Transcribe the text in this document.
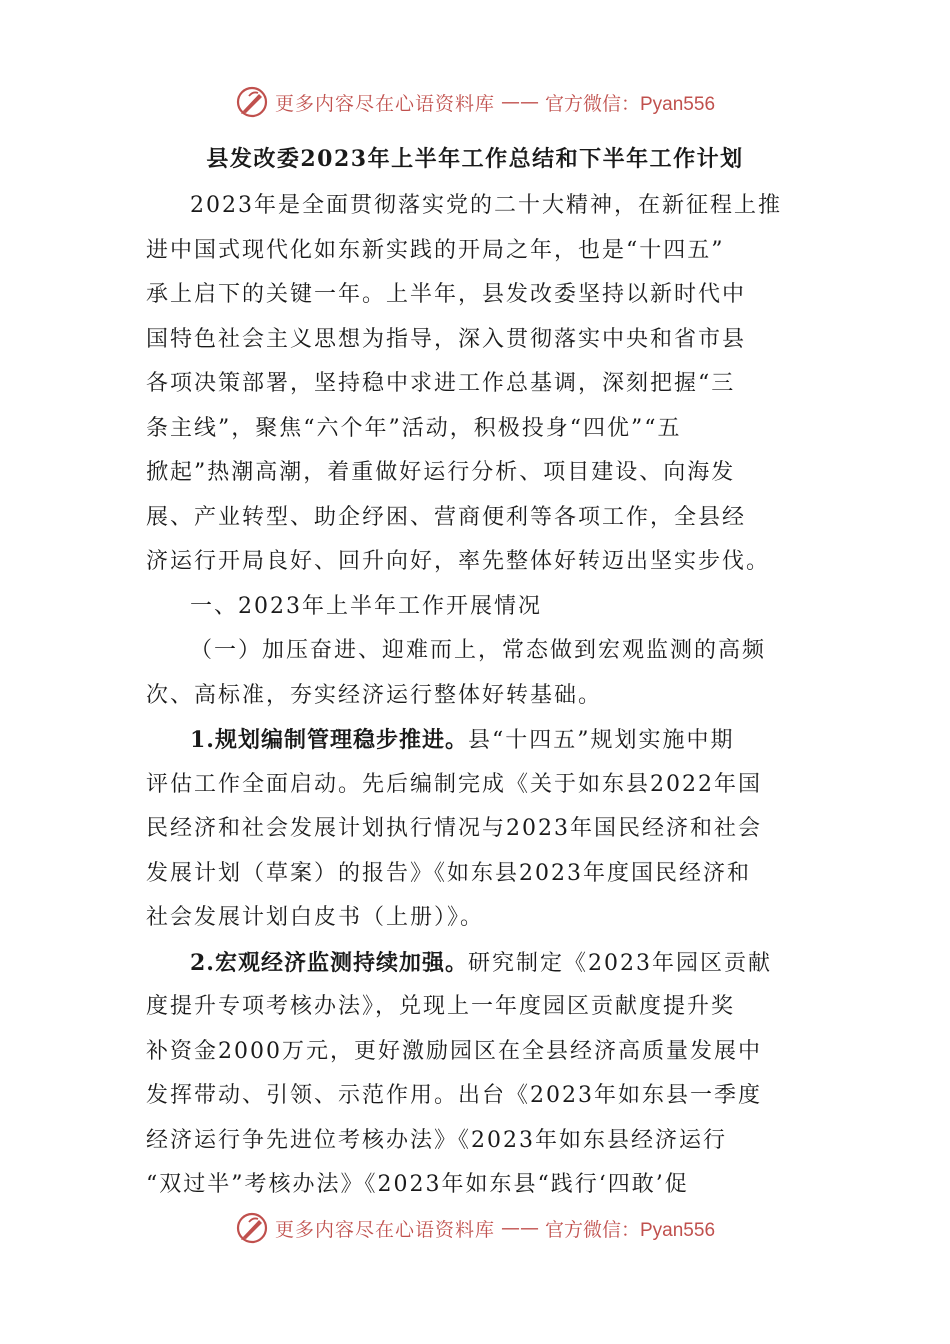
更多内容尽在心语资料库 —— 官方微信：Pyan556
县发改委2023年上半年工作总结和下半年工作计划
2023年是全面贯彻落实党的二十大精神，在新征程上推
进中国式现代化如东新实践的开局之年，也是“十四五”
承上启下的关键一年。上半年，县发改委坚持以新时代中
国特色社会主义思想为指导，深入贯彻落实中央和省市县
各项决策部署，坚持稳中求进工作总基调，深刻把握“三
条主线”，聚焦“六个年”活动，积极投身“四优”“五
掀起”热潮高潮，着重做好运行分析、项目建设、向海发
展、产业转型、助企纾困、营商便利等各项工作，全县经
济运行开局良好、回升向好，率先整体好转迈出坚实步伐。
一、2023年上半年工作开展情况
（一）加压奋进、迎难而上，常态做到宏观监测的高频
次、高标准，夯实经济运行整体好转基础。
1.规划编制管理稳步推进。县“十四五”规划实施中期
评估工作全面启动。先后编制完成《关于如东县2022年国
民经济和社会发展计划执行情况与2023年国民经济和社会
发展计划（草案）的报告》《如东县2023年度国民经济和
社会发展计划白皮书（上册）》。
2.宏观经济监测持续加强。研究制定《2023年园区贡献
度提升专项考核办法》，兑现上一年度园区贡献度提升奖
补资金2000万元，更好激励园区在全县经济高质量发展中
发挥带动、引领、示范作用。出台《2023年如东县一季度
经济运行争先进位考核办法》《2023年如东县经济运行
“双过半”考核办法》《2023年如东县“践行‘四敢’促
更多内容尽在心语资料库 —— 官方微信：Pyan556
